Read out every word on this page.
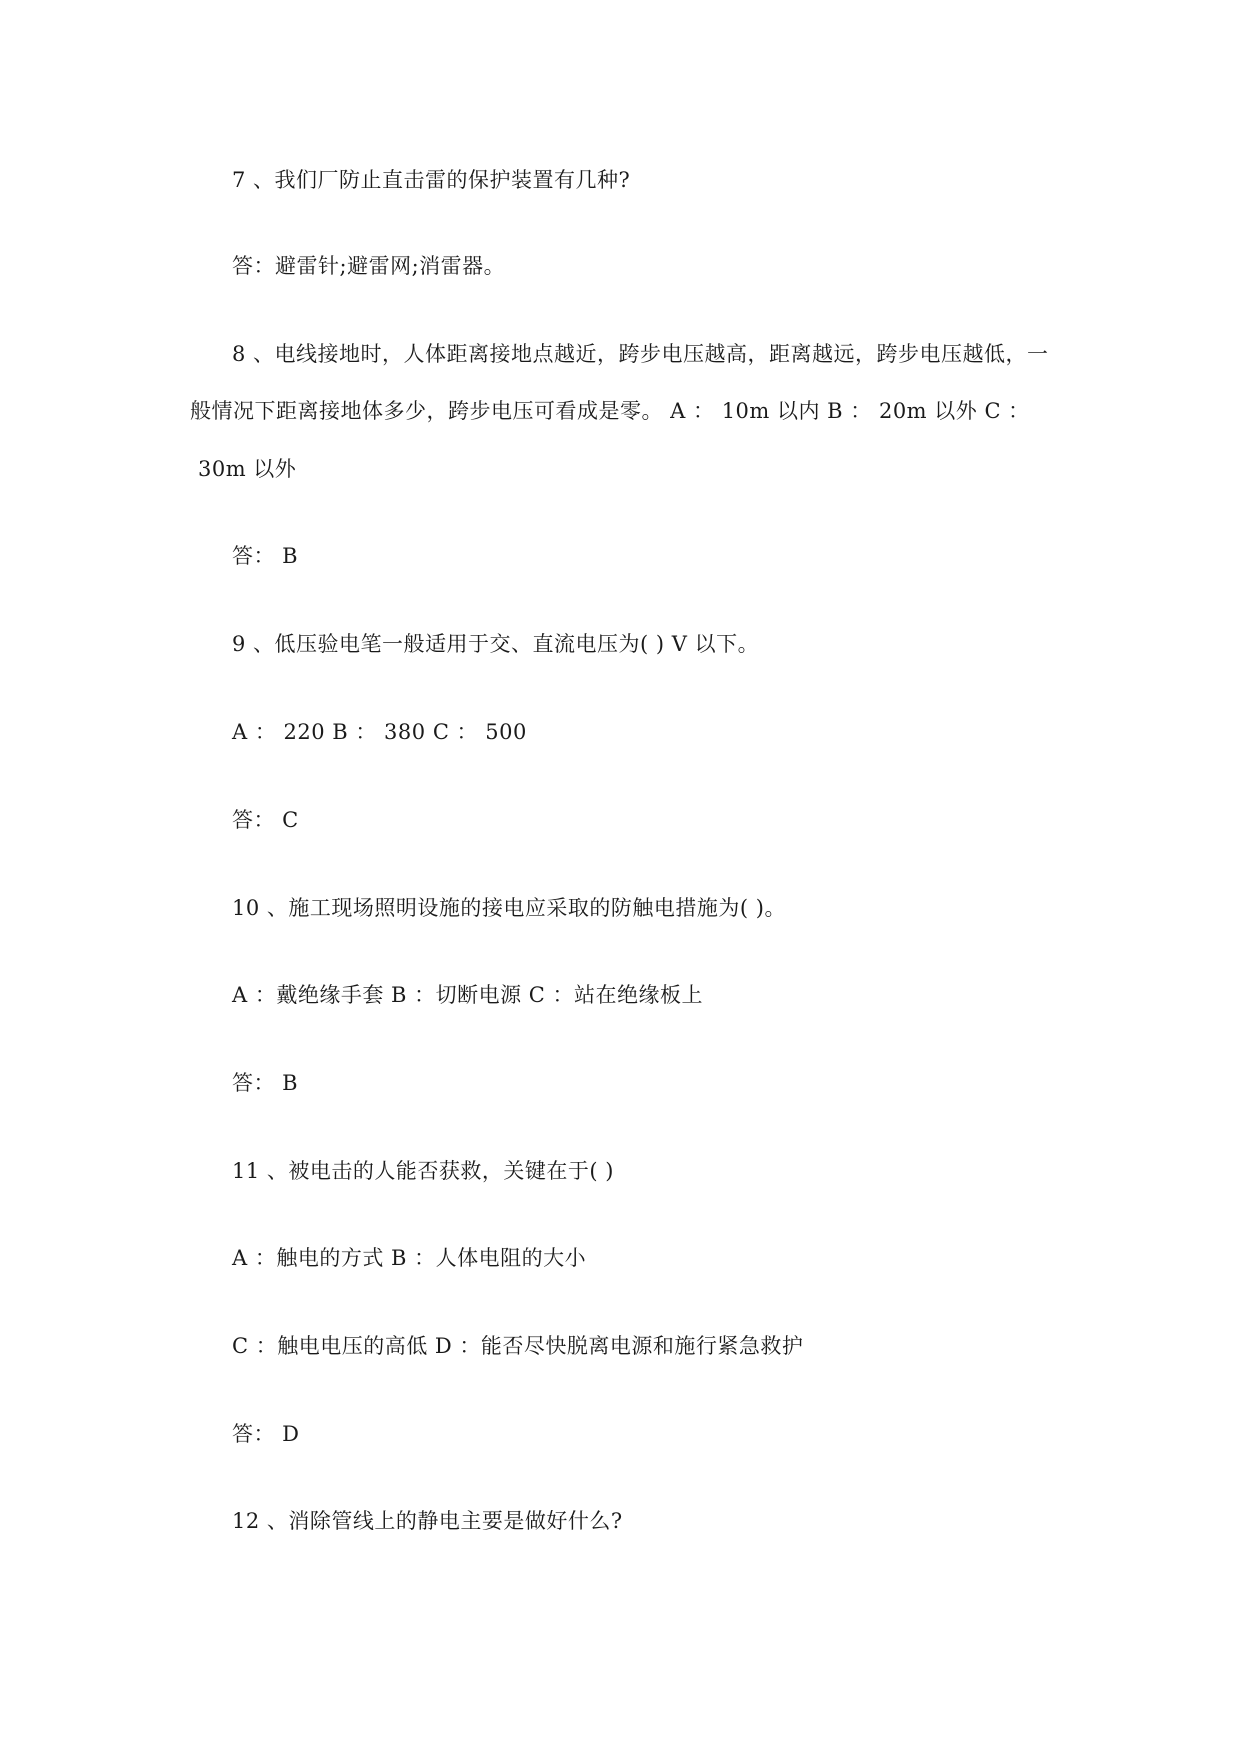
7 、我们厂防止直击雷的保护装置有几种?
答：避雷针;避雷网;消雷器。
8 、电线接地时，人体距离接地点越近，跨步电压越高，距离越远，跨步电压越低，一
般情况下距离接地体多少，跨步电压可看成是零。 A ： 10m 以内 B ： 20m 以外 C ：
30m 以外
答： B
9 、低压验电笔一般适用于交、直流电压为( ) V 以下。
A ： 220 B ： 380 C ： 500
答： C
10 、施工现场照明设施的接电应采取的防触电措施为( )。
A ：戴绝缘手套 B ：切断电源 C ：站在绝缘板上
答： B
11 、被电击的人能否获救，关键在于( )
A ：触电的方式 B ：人体电阻的大小
C ：触电电压的高低 D ：能否尽快脱离电源和施行紧急救护
答： D
12 、消除管线上的静电主要是做好什么?
